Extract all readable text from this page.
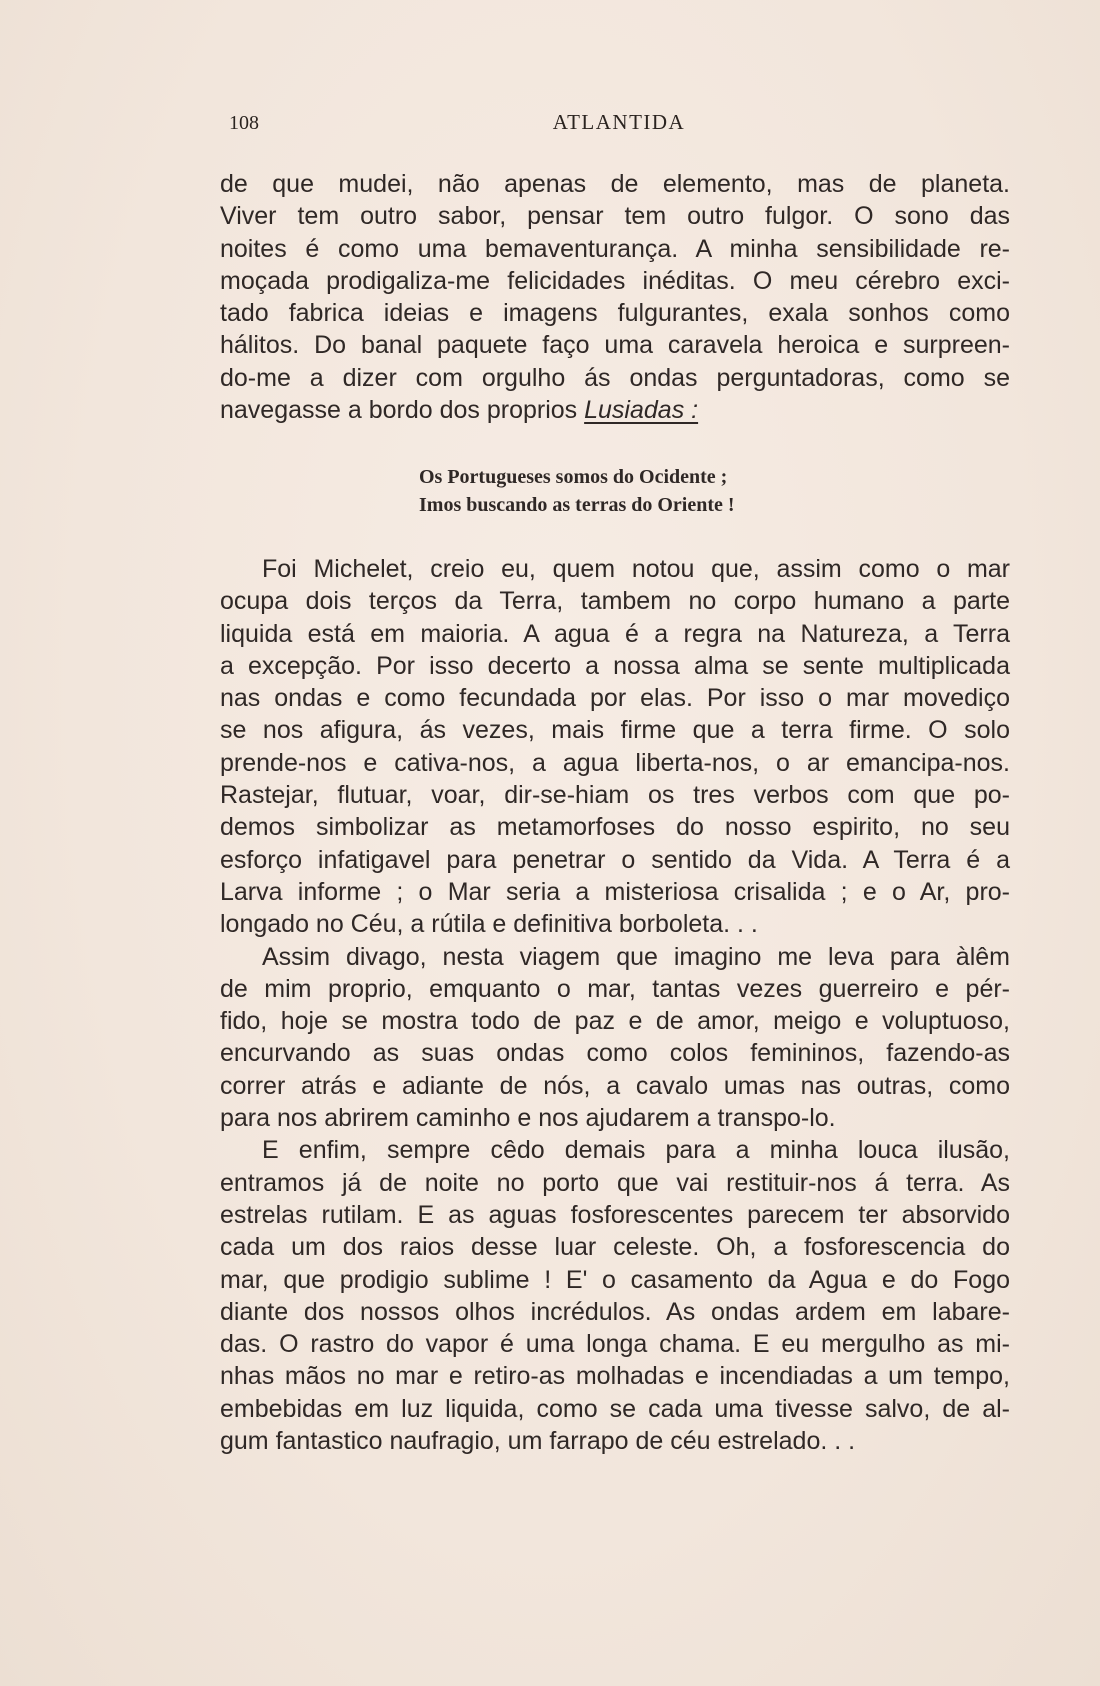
108	ATLANTIDA
de que mudei, não apenas de elemento, mas de planeta.
Viver tem outro sabor, pensar tem outro fulgor. O sono das
noites é como uma bemaventurança. A minha sensibilidade re-
moçada prodigaliza-me felicidades inéditas. O meu cérebro exci-
tado fabrica ideias e imagens fulgurantes, exala sonhos como
hálitos. Do banal paquete faço uma caravela heroica e surpreen-
do-me a dizer com orgulho ás ondas perguntadoras, como se
navegasse a bordo dos proprios Lusiadas :
Os Portugueses somos do Ocidente ;
Imos buscando as terras do Oriente !
Foi Michelet, creio eu, quem notou que, assim como o mar
ocupa dois terços da Terra, tambem no corpo humano a parte
liquida está em maioria. A agua é a regra na Natureza, a Terra
a excepção. Por isso decerto a nossa alma se sente multiplicada
nas ondas e como fecundada por elas. Por isso o mar movediço
se nos afigura, ás vezes, mais firme que a terra firme. O solo
prende-nos e cativa-nos, a agua liberta-nos, o ar emancipa-nos.
Rastejar, flutuar, voar, dir-se-hiam os tres verbos com que po-
demos simbolizar as metamorfoses do nosso espirito, no seu
esforço infatigavel para penetrar o sentido da Vida. A Terra é a
Larva informe ; o Mar seria a misteriosa crisalida ; e o Ar, pro-
longado no Céu, a rútila e definitiva borboleta. . .
Assim divago, nesta viagem que imagino me leva para àlêm
de mim proprio, emquanto o mar, tantas vezes guerreiro e pér-
fido, hoje se mostra todo de paz e de amor, meigo e voluptuoso,
encurvando as suas ondas como colos femininos, fazendo-as
correr atrás e adiante de nós, a cavalo umas nas outras, como
para nos abrirem caminho e nos ajudarem a transpo-lo.
E enfim, sempre cêdo demais para a minha louca ilusão,
entramos já de noite no porto que vai restituir-nos á terra. As
estrelas rutilam. E as aguas fosforescentes parecem ter absorvido
cada um dos raios desse luar celeste. Oh, a fosforescencia do
mar, que prodigio sublime ! E' o casamento da Agua e do Fogo
diante dos nossos olhos incrédulos. As ondas ardem em labare-
das. O rastro do vapor é uma longa chama. E eu mergulho as mi-
nhas mãos no mar e retiro-as molhadas e incendiadas a um tempo,
embebidas em luz liquida, como se cada uma tivesse salvo, de al-
gum fantastico naufragio, um farrapo de céu estrelado. . .
